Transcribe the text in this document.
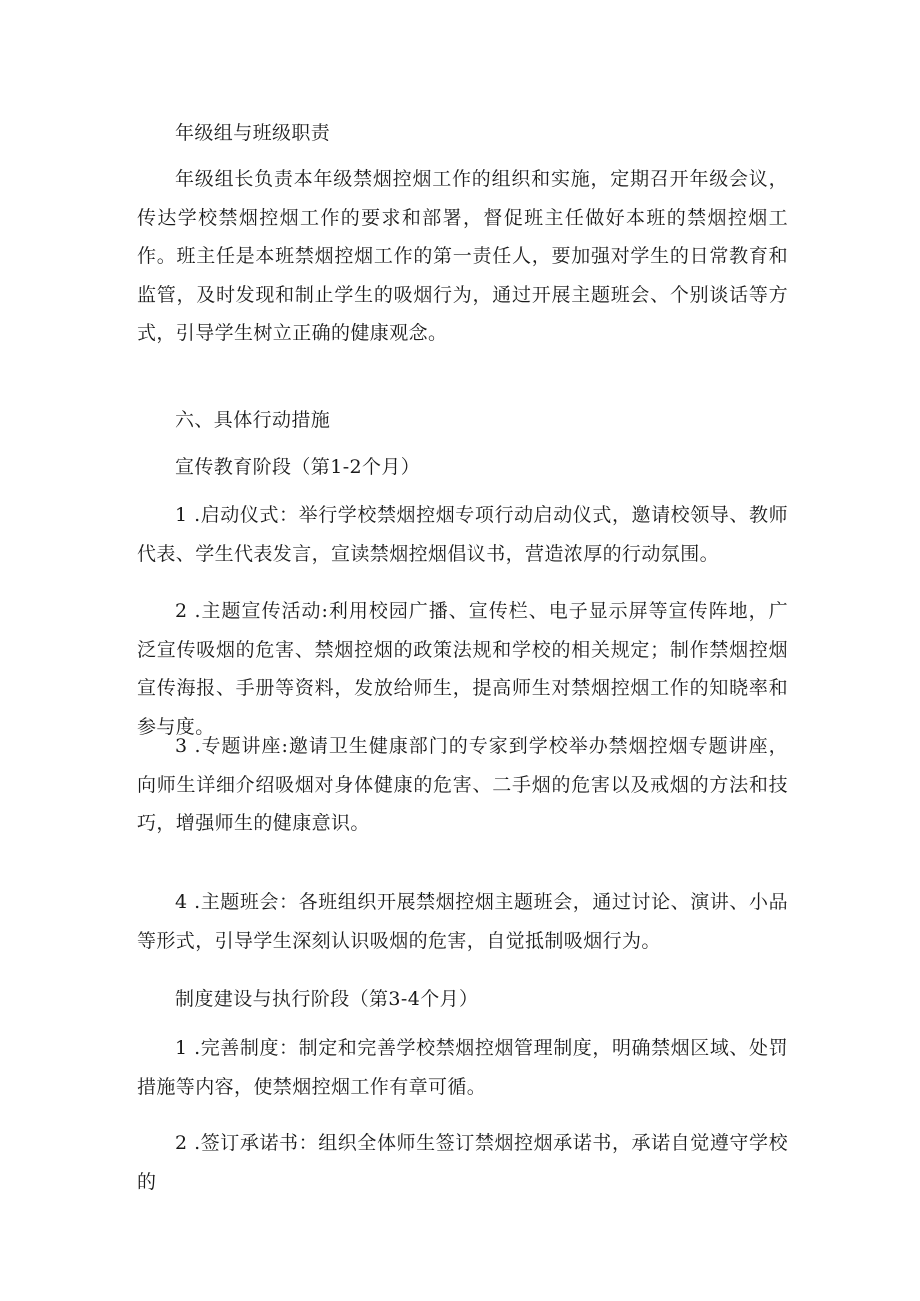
年级组与班级职责

年级组长负责本年级禁烟控烟工作的组织和实施，定期召开年级会议，传达学校禁烟控烟工作的要求和部署，督促班主任做好本班的禁烟控烟工作。班主任是本班禁烟控烟工作的第一责任人，要加强对学生的日常教育和监管，及时发现和制止学生的吸烟行为，通过开展主题班会、个别谈话等方式，引导学生树立正确的健康观念。

六、具体行动措施

宣传教育阶段（第1-2个月）

1 .启动仪式：举行学校禁烟控烟专项行动启动仪式，邀请校领导、教师代表、学生代表发言，宣读禁烟控烟倡议书，营造浓厚的行动氛围。

2 .主题宣传活动:利用校园广播、宣传栏、电子显示屏等宣传阵地，广泛宣传吸烟的危害、禁烟控烟的政策法规和学校的相关规定；制作禁烟控烟宣传海报、手册等资料，发放给师生，提高师生对禁烟控烟工作的知晓率和参与度。

3 .专题讲座:邀请卫生健康部门的专家到学校举办禁烟控烟专题讲座，向师生详细介绍吸烟对身体健康的危害、二手烟的危害以及戒烟的方法和技巧，增强师生的健康意识。

4 .主题班会：各班组织开展禁烟控烟主题班会，通过讨论、演讲、小品等形式，引导学生深刻认识吸烟的危害，自觉抵制吸烟行为。

制度建设与执行阶段（第3-4个月）

1 .完善制度：制定和完善学校禁烟控烟管理制度，明确禁烟区域、处罚措施等内容，使禁烟控烟工作有章可循。

2 .签订承诺书：组织全体师生签订禁烟控烟承诺书，承诺自觉遵守学校的
